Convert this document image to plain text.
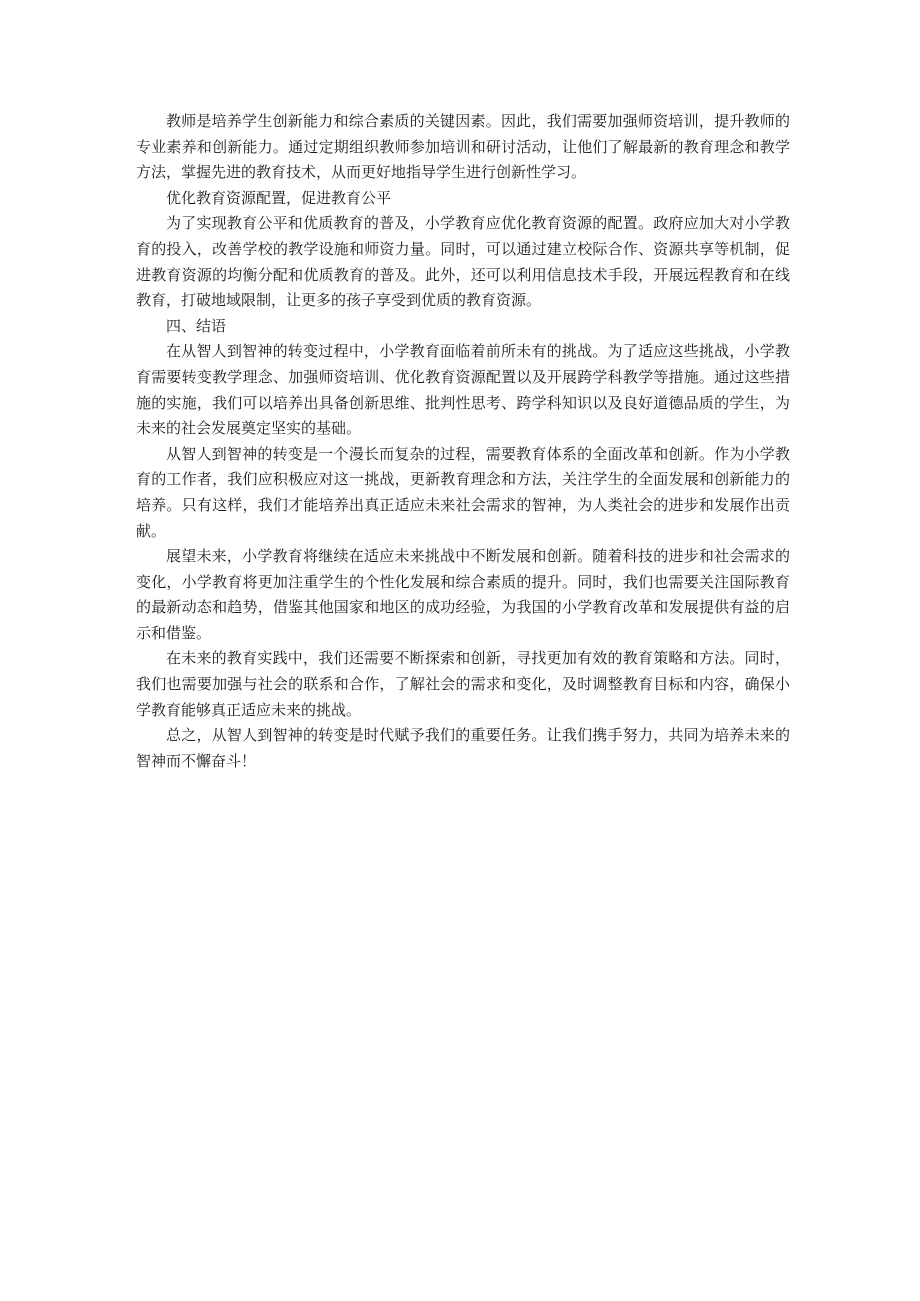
教师是培养学生创新能力和综合素质的关键因素。因此，我们需要加强师资培训，提升教师的专业素养和创新能力。通过定期组织教师参加培训和研讨活动，让他们了解最新的教育理念和教学方法，掌握先进的教育技术，从而更好地指导学生进行创新性学习。

优化教育资源配置，促进教育公平

为了实现教育公平和优质教育的普及，小学教育应优化教育资源的配置。政府应加大对小学教育的投入，改善学校的教学设施和师资力量。同时，可以通过建立校际合作、资源共享等机制，促进教育资源的均衡分配和优质教育的普及。此外，还可以利用信息技术手段，开展远程教育和在线教育，打破地域限制，让更多的孩子享受到优质的教育资源。

四、结语

在从智人到智神的转变过程中，小学教育面临着前所未有的挑战。为了适应这些挑战，小学教育需要转变教学理念、加强师资培训、优化教育资源配置以及开展跨学科教学等措施。通过这些措施的实施，我们可以培养出具备创新思维、批判性思考、跨学科知识以及良好道德品质的学生，为未来的社会发展奠定坚实的基础。

从智人到智神的转变是一个漫长而复杂的过程，需要教育体系的全面改革和创新。作为小学教育的工作者，我们应积极应对这一挑战，更新教育理念和方法，关注学生的全面发展和创新能力的培养。只有这样，我们才能培养出真正适应未来社会需求的智神，为人类社会的进步和发展作出贡献。

展望未来，小学教育将继续在适应未来挑战中不断发展和创新。随着科技的进步和社会需求的变化，小学教育将更加注重学生的个性化发展和综合素质的提升。同时，我们也需要关注国际教育的最新动态和趋势，借鉴其他国家和地区的成功经验，为我国的小学教育改革和发展提供有益的启示和借鉴。

在未来的教育实践中，我们还需要不断探索和创新，寻找更加有效的教育策略和方法。同时，我们也需要加强与社会的联系和合作，了解社会的需求和变化，及时调整教育目标和内容，确保小学教育能够真正适应未来的挑战。

总之，从智人到智神的转变是时代赋予我们的重要任务。让我们携手努力，共同为培养未来的智神而不懈奋斗！
